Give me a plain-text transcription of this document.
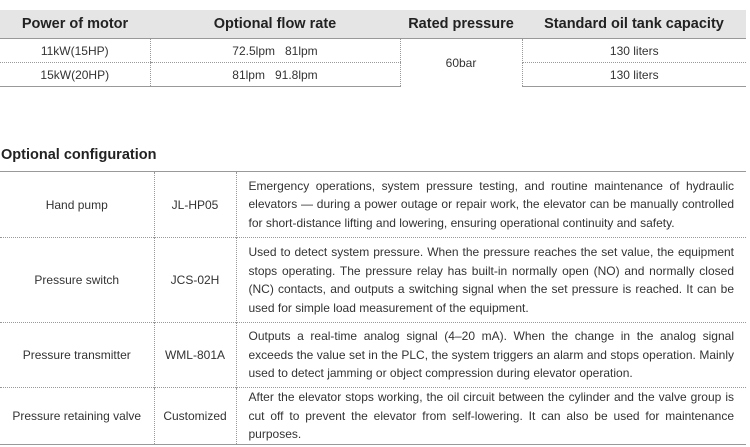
Power of motor	Optional flow rate	Rated pressure	Standard oil tank capacity
11kW(15HP)	72.5lpm   81lpm	60bar	130 liters
15kW(20HP)	81lpm   91.8lpm		130 liters
Optional configuration
Hand pump	JL-HP05	Emergency operations, system pressure testing, and routine maintenance of hydraulic elevators — during a power outage or repair work, the elevator can be manually controlled for short-distance lifting and lowering, ensuring operational continuity and safety.
Pressure switch	JCS-02H	Used to detect system pressure. When the pressure reaches the set value, the equipment stops operating. The pressure relay has built-in normally open (NO) and normally closed (NC) contacts, and outputs a switching signal when the set pressure is reached. It can be used for simple load measurement of the equipment.
Pressure transmitter	WML-801A	Outputs a real-time analog signal (4–20 mA). When the change in the analog signal exceeds the value set in the PLC, the system triggers an alarm and stops operation. Mainly used to detect jamming or object compression during elevator operation.
Pressure retaining valve	Customized	After the elevator stops working, the oil circuit between the cylinder and the valve group is cut off to prevent the elevator from self-lowering. It can also be used for maintenance purposes.
